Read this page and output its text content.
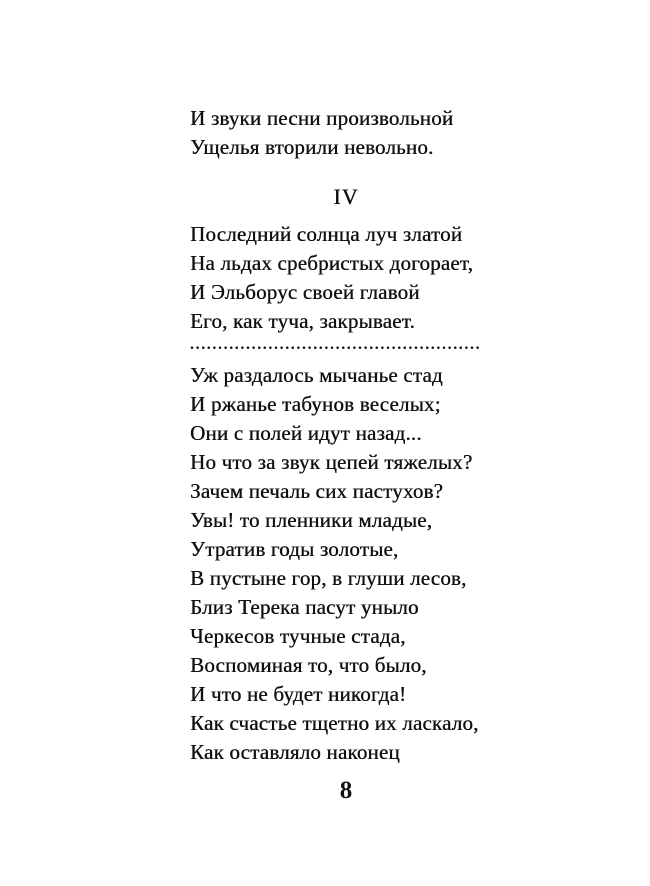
И звуки песни произвольной
Ущелья вторили невольно.
IV
Последний солнца луч златой
На льдах сребристых догорает,
И Эльборус своей главой
Его, как туча, закрывает.
....................................................
Уж раздалось мычанье стад
И ржанье табунов веселых;
Они с полей идут назад...
Но что за звук цепей тяжелых?
Зачем печаль сих пастухов?
Увы! то пленники младые,
Утратив годы золотые,
В пустыне гор, в глуши лесов,
Близ Терека пасут уныло
Черкесов тучные стада,
Воспоминая то, что было,
И что не будет никогда!
Как счастье тщетно их ласкало,
Как оставляло наконец
8
